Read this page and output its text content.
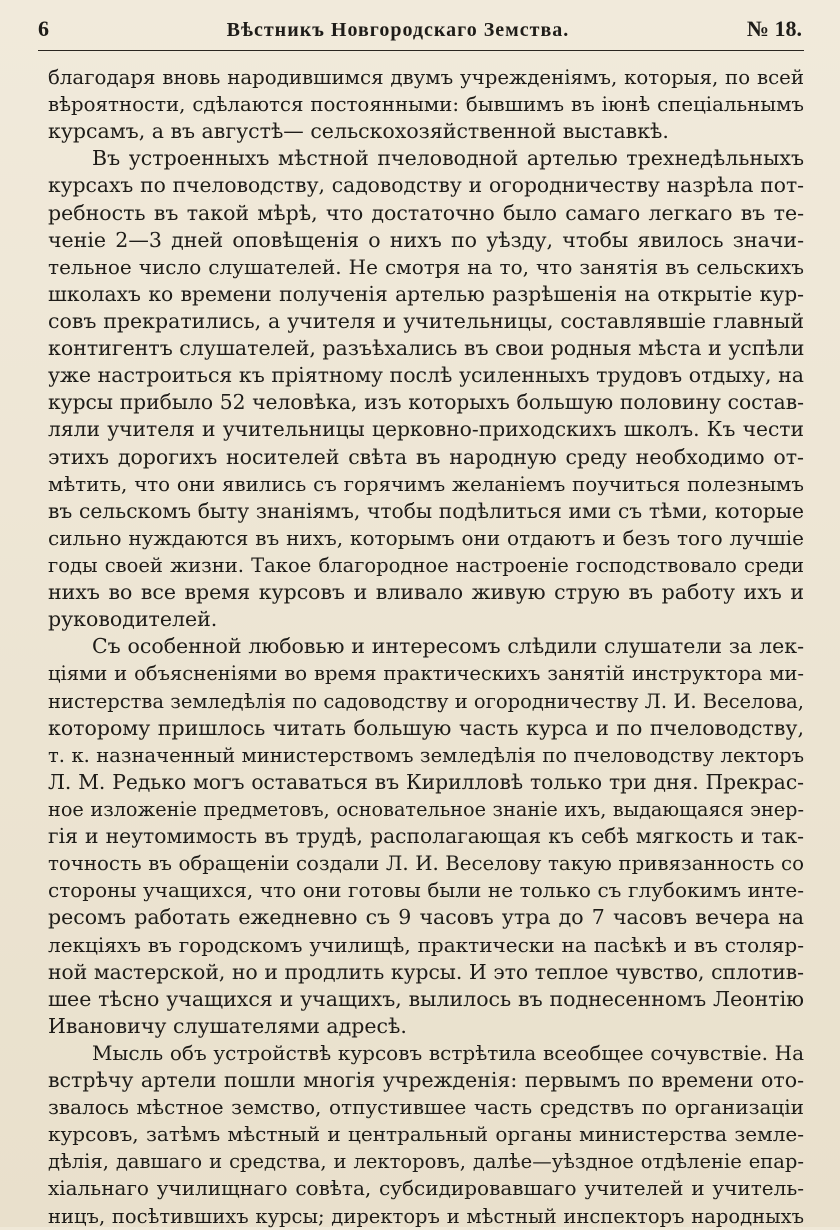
6	Вѣстникъ Новгородскаго Земства.	№ 18.
благодаря вновь народившимся двумъ учрежденіямъ, которыя, по всей
вѣроятности, сдѣлаются постоянными: бывшимъ въ іюнѣ спеціальнымъ
курсамъ, а въ августѣ— сельскохозяйственной выставкѣ.
Въ устроенныхъ мѣстной пчеловодной артелью трехнедѣльныхъ
курсахъ по пчеловодству, садоводству и огородничеству назрѣла пот-
ребность въ такой мѣрѣ, что достаточно было самаго легкаго въ те-
ченіе 2—3 дней оповѣщенія о нихъ по уѣзду, чтобы явилось значи-
тельное число слушателей. Не смотря на то, что занятія въ сельскихъ
школахъ ко времени полученія артелью разрѣшенія на открытіе кур-
совъ прекратились, а учителя и учительницы, составлявшіе главный
контигентъ слушателей, разъѣхались въ свои родныя мѣста и успѣли
уже настроиться къ пріятному послѣ усиленныхъ трудовъ отдыху, на
курсы прибыло 52 человѣка, изъ которыхъ большую половину состав-
ляли учителя и учительницы церковно-приходскихъ школъ. Къ чести
этихъ дорогихъ носителей свѣта въ народную среду необходимо от-
мѣтить, что они явились съ горячимъ желаніемъ поучиться полезнымъ
въ сельскомъ быту знаніямъ, чтобы подѣлиться ими съ тѣми, которые
сильно нуждаются въ нихъ, которымъ они отдаютъ и безъ того лучшіе
годы своей жизни. Такое благородное настроеніе господствовало среди
нихъ во все время курсовъ и вливало живую струю въ работу ихъ и
руководителей.
Съ особенной любовью и интересомъ слѣдили слушатели за лек-
ціями и объясненіями во время практическихъ занятій инструктора ми-
нистерства земледѣлія по садоводству и огородничеству Л. И. Веселова,
которому пришлось читать большую часть курса и по пчеловодству,
т. к. назначенный министерствомъ земледѣлія по пчеловодству лекторъ
Л. М. Редько могъ оставаться въ Кирилловѣ только три дня. Прекрас-
ное изложеніе предметовъ, основательное знаніе ихъ, выдающаяся энер-
гія и неутомимость въ трудѣ, располагающая къ себѣ мягкость и так-
точность въ обращеніи создали Л. И. Веселову такую привязанность со
стороны учащихся, что они готовы были не только съ глубокимъ инте-
ресомъ работать ежедневно съ 9 часовъ утра до 7 часовъ вечера на
лекціяхъ въ городскомъ училищѣ, практически на пасѣкѣ и въ столяр-
ной мастерской, но и продлить курсы. И это теплое чувство, сплотив-
шее тѣсно учащихся и учащихъ, вылилось въ поднесенномъ Леонтію
Ивановичу слушателями адресѣ.
Мысль объ устройствѣ курсовъ встрѣтила всеобщее сочувствіе. На
встрѣчу артели пошли многія учрежденія: первымъ по времени ото-
звалось мѣстное земство, отпустившее часть средствъ по организаціи
курсовъ, затѣмъ мѣстный и центральный органы министерства земле-
дѣлія, давшаго и средства, и лекторовъ, далѣе—уѣздное отдѣленіе епар-
хіальнаго училищнаго совѣта, субсидировавшаго учителей и учитель-
ницъ, посѣтившихъ курсы; директоръ и мѣстный инспекторъ народныхъ
